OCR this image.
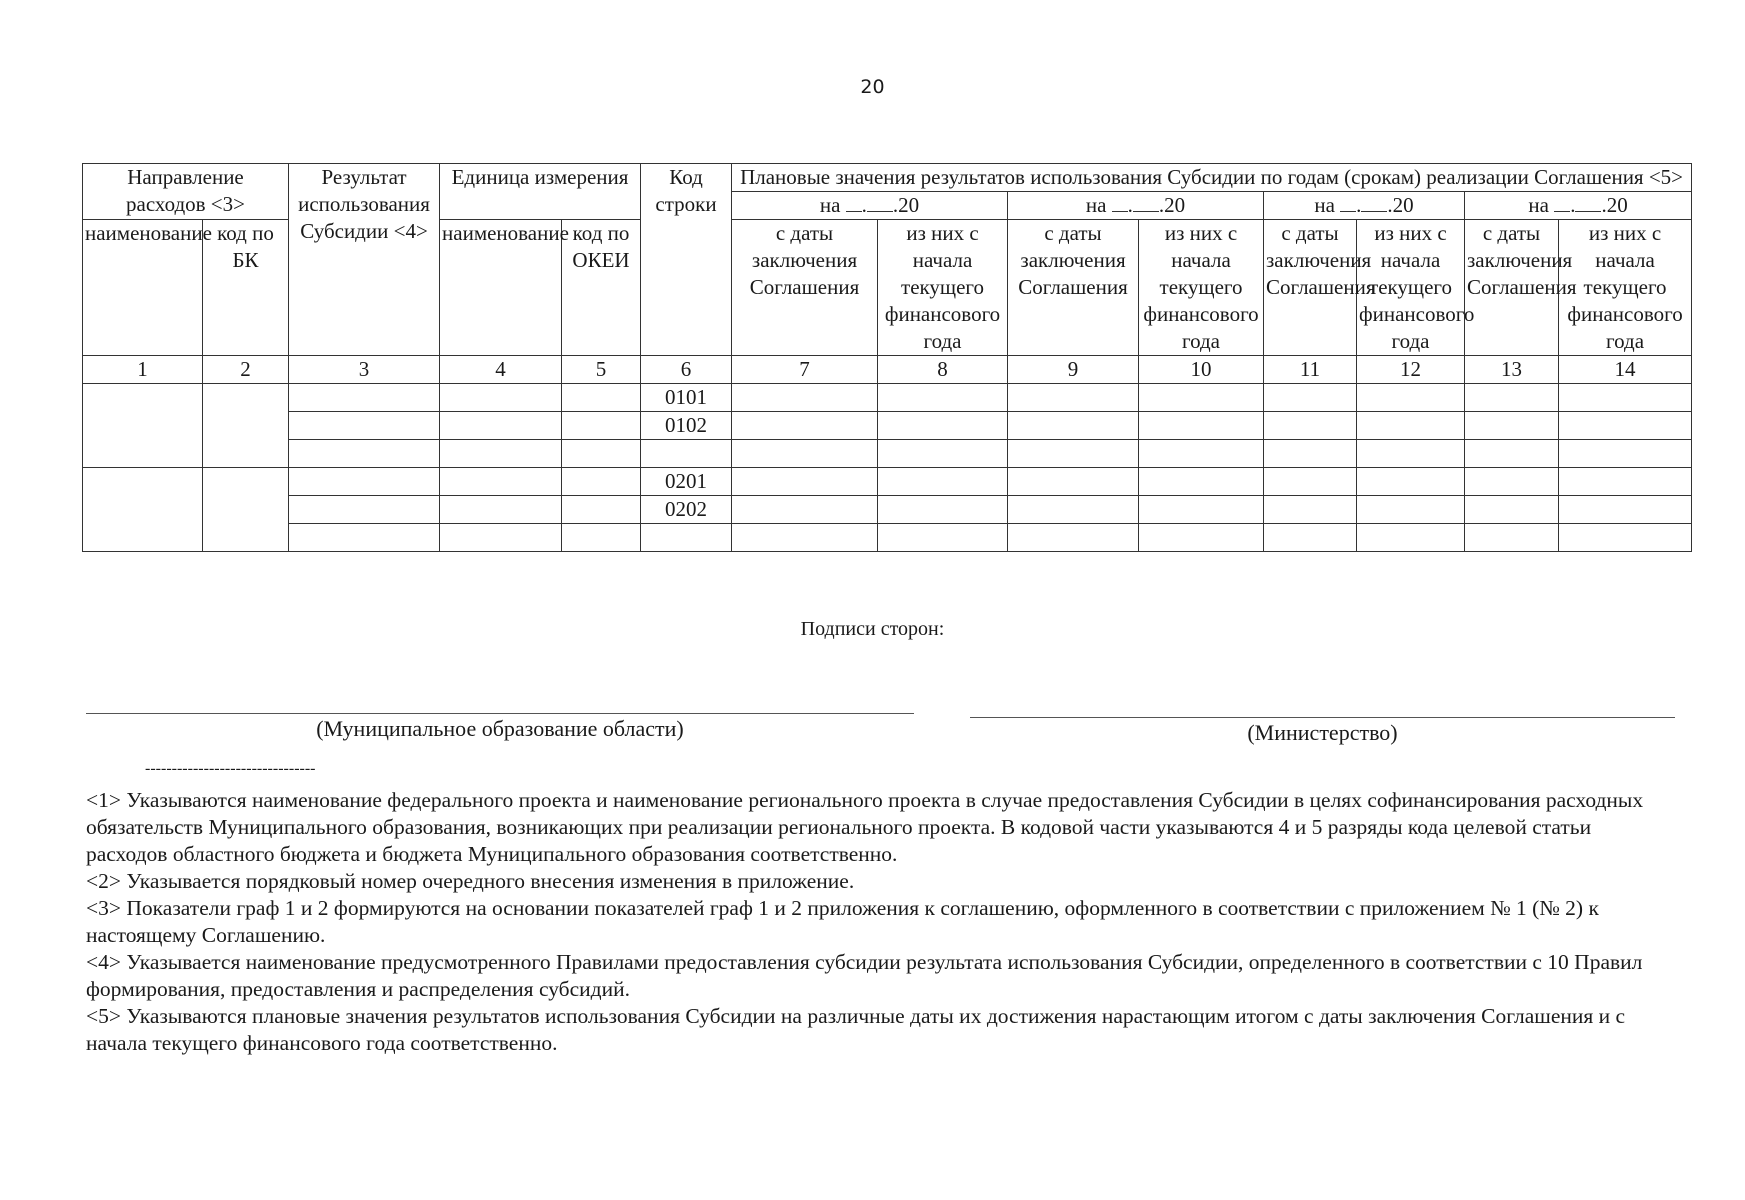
20
Направление расходов <3>		Результат использования Субсидии <4>	Единица измерения		Код строки	Плановые значения результатов использования Субсидии по годам (срокам) реализации Соглашения <5>							
						на . .20		на . .20		на . .20		на . .20	
наименование	код по БК		наименование	код по ОКЕИ		с даты заключения Соглашения	из них с начала текущего финансового года	с даты заключения Соглашения	из них с начала текущего финансового года	с даты заключения Соглашения	из них с начала текущего финансового года	с даты заключения Соглашения	из них с начала текущего финансового года
1	2	3	4	5	6	7	8	9	10	11	12	13	14
					0101								
					0102								

					0201								
					0202								

Подписи сторон:
(Муниципальное образование области)	(Министерство)
--------------------------------

<1> Указываются наименование федерального проекта и наименование регионального проекта в случае предоставления Субсидии в целях софинансирования расходных обязательств Муниципального образования, возникающих при реализации регионального проекта. В кодовой части указываются 4 и 5 разряды кода целевой статьи расходов областного бюджета и бюджета Муниципального образования соответственно.

<2> Указывается порядковый номер очередного внесения изменения в приложение.

<3> Показатели граф 1 и 2 формируются на основании показателей граф 1 и 2 приложения к соглашению, оформленного в соответствии с приложением № 1 (№ 2) к настоящему Соглашению.

<4> Указывается наименование предусмотренного Правилами предоставления субсидии результата использования Субсидии, определенного в соответствии с 10 Правил формирования, предоставления и распределения субсидий.

<5> Указываются плановые значения результатов использования Субсидии на различные даты их достижения нарастающим итогом с даты заключения Соглашения и с начала текущего финансового года соответственно.
